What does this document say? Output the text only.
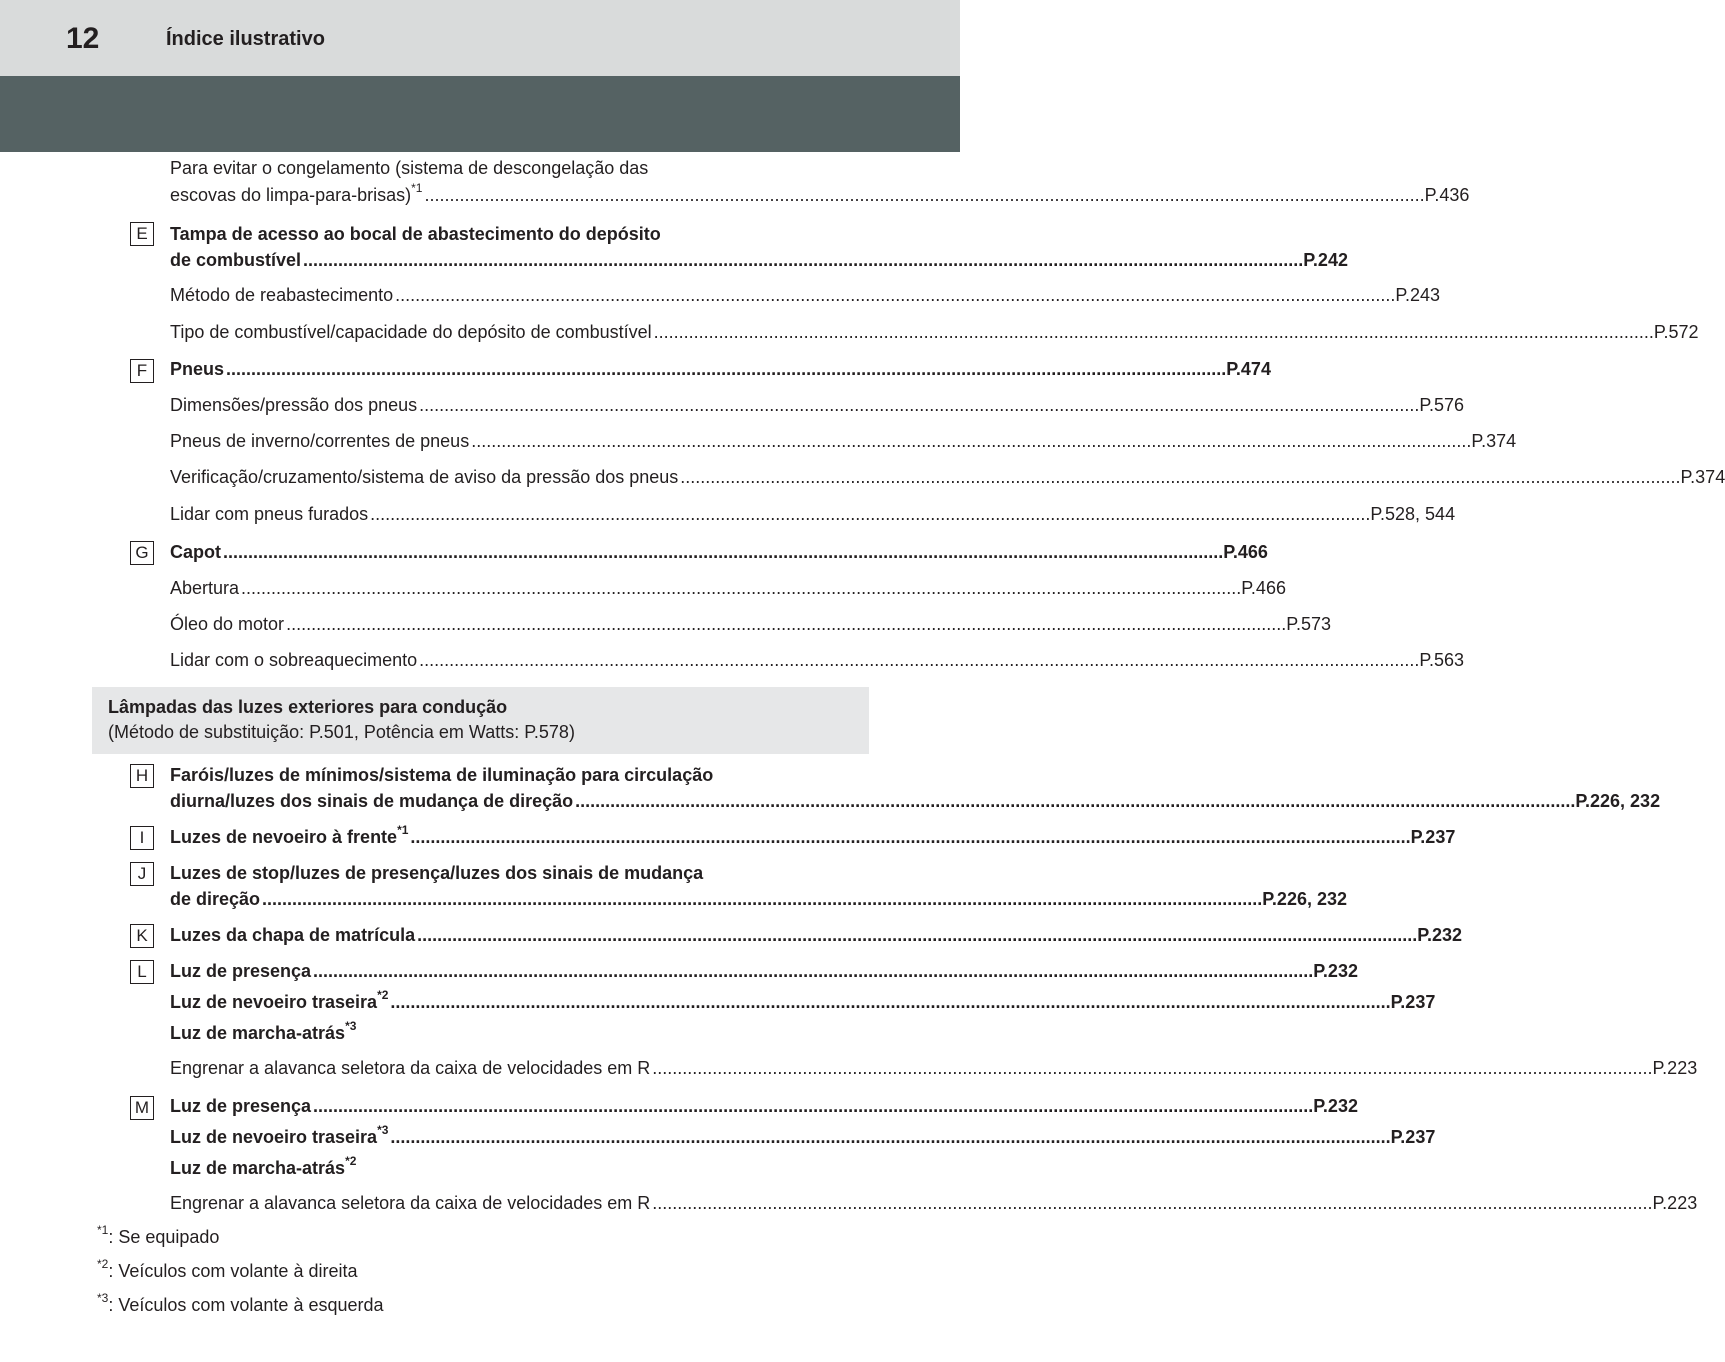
12	Índice ilustrativo
Para evitar o congelamento (sistema de descongelação das
escovas do limpa-para-brisas)$^{*1}$ ........................................................................................................................................................................................................ P.436
E	Tampa de acesso ao bocal de abastecimento do depósito
de combustível ........................................................................................................................................................................................................ P.242
Método de reabastecimento ........................................................................................................................................................................................................ P.243
Tipo de combustível/capacidade do depósito de combustível ........................................................................................................................................................................................................ P.572
F	Pneus ........................................................................................................................................................................................................ P.474
Dimensões/pressão dos pneus ........................................................................................................................................................................................................ P.576
Pneus de inverno/correntes de pneus ........................................................................................................................................................................................................ P.374
Verificação/cruzamento/sistema de aviso da pressão dos pneus ........................................................................................................................................................................................................ P.374
Lidar com pneus furados ........................................................................................................................................................................................................ P.528, 544
G Capot ........................................................................................................................................................................................................ P.466
Abertura ........................................................................................................................................................................................................ P.466
Óleo do motor ........................................................................................................................................................................................................ P.573
Lidar com o sobreaquecimento ........................................................................................................................................................................................................ P.563
Lâmpadas das luzes exteriores para condução
(Método de substituição: P.501, Potência em Watts: P.578)
H	Faróis/luzes de mínimos/sistema de iluminação para circulação
diurna/luzes dos sinais de mudança de direção ........................................................................................................................................................................................................ P.226, 232
I	Luzes de nevoeiro à frente$^{*1}$ ........................................................................................................................................................................................................ P.237
J	Luzes de stop/luzes de presença/luzes dos sinais de mudança
de direção ........................................................................................................................................................................................................ P.226, 232
K	Luzes da chapa de matrícula ........................................................................................................................................................................................................ P.232
L	Luz de presença ........................................................................................................................................................................................................ P.232
Luz de nevoeiro traseira$^{*2}$ ........................................................................................................................................................................................................ P.237
Luz de marcha-atrás$^{*3}$
Engrenar a alavanca seletora da caixa de velocidades em R ........................................................................................................................................................................................................ P.223
M Luz de presença ........................................................................................................................................................................................................ P.232
Luz de nevoeiro traseira$^{*3}$ ........................................................................................................................................................................................................ P.237
Luz de marcha-atrás$^{*2}$
Engrenar a alavanca seletora da caixa de velocidades em R ........................................................................................................................................................................................................ P.223
$^{*1}$: Se equipado
$^{*2}$: Veículos com volante à direita
$^{*3}$: Veículos com volante à esquerda
